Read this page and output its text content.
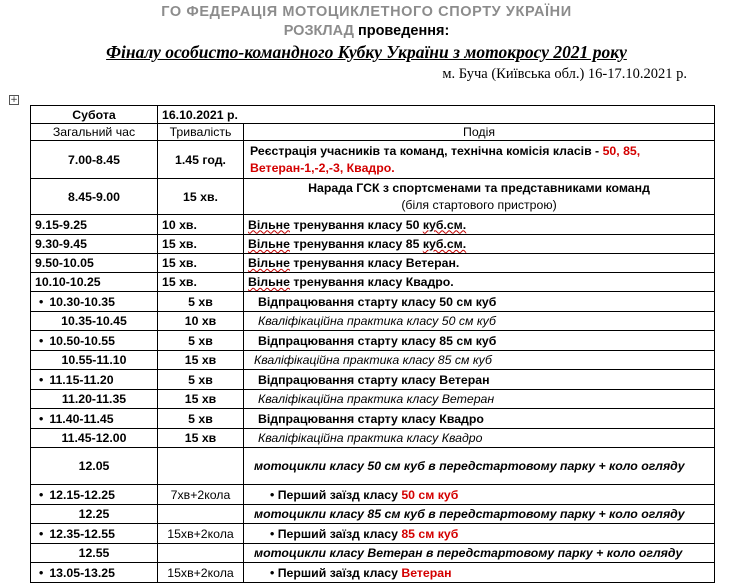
ГО ФЕДЕРАЦІЯ МОТОЦИКЛЕТНОГО СПОРТУ УКРАЇНИ
РОЗКЛАД проведення:
Фіналу особисто-командного Кубку України з мотокросу 2021 року
м. Буча (Київська обл.) 16-17.10.2021 р.
+
Субота	16.10.2021 р.	
Загальний час	Тривалість	Подія
7.00-8.45	1.45 год.	Реєстрація учасників та команд, технічна комісія класів - 50, 85,
Ветеран-1,-2,-3, Квадро.
8.45-9.00	15 хв.	Нарада ГСК з спортсменами та представниками команд
(біля стартового пристрою)
9.15-9.25	10 хв.	Вільне тренування класу 50 куб.см.
9.30-9.45	15 хв.	Вільне тренування класу 85 куб.см.
9.50-10.05	15 хв.	Вільне тренування класу Ветеран.
10.10-10.25	15 хв.	Вільне тренування класу Квадро.
• 10.30-10.35	5 хв	Відпрацювання старту класу 50 см куб
10.35-10.45	10 хв	Кваліфікаційна практика класу 50 см куб
• 10.50-10.55	5 хв	Відпрацювання старту класу 85 см куб
10.55-11.10	15 хв	Кваліфікаційна практика класу 85 см куб
• 11.15-11.20	5 хв	Відпрацювання старту класу Ветеран
11.20-11.35	15 хв	Кваліфікаційна практика класу Ветеран
• 11.40-11.45	5 хв	Відпрацювання старту класу Квадро
11.45-12.00	15 хв	Кваліфікаційна практика класу Квадро
12.05		мотоцикли класу 50 см куб в передстартовому парку + коло огляду
• 12.15-12.25	7хв+2кола	• Перший заїзд класу 50 см куб
12.25		мотоцикли класу 85 см куб в передстартовому парку + коло огляду
• 12.35-12.55	15хв+2кола	• Перший заїзд класу 85 см куб
12.55		мотоцикли класу Ветеран в передстартовому парку + коло огляду
• 13.05-13.25	15хв+2кола	• Перший заїзд класу Ветеран
